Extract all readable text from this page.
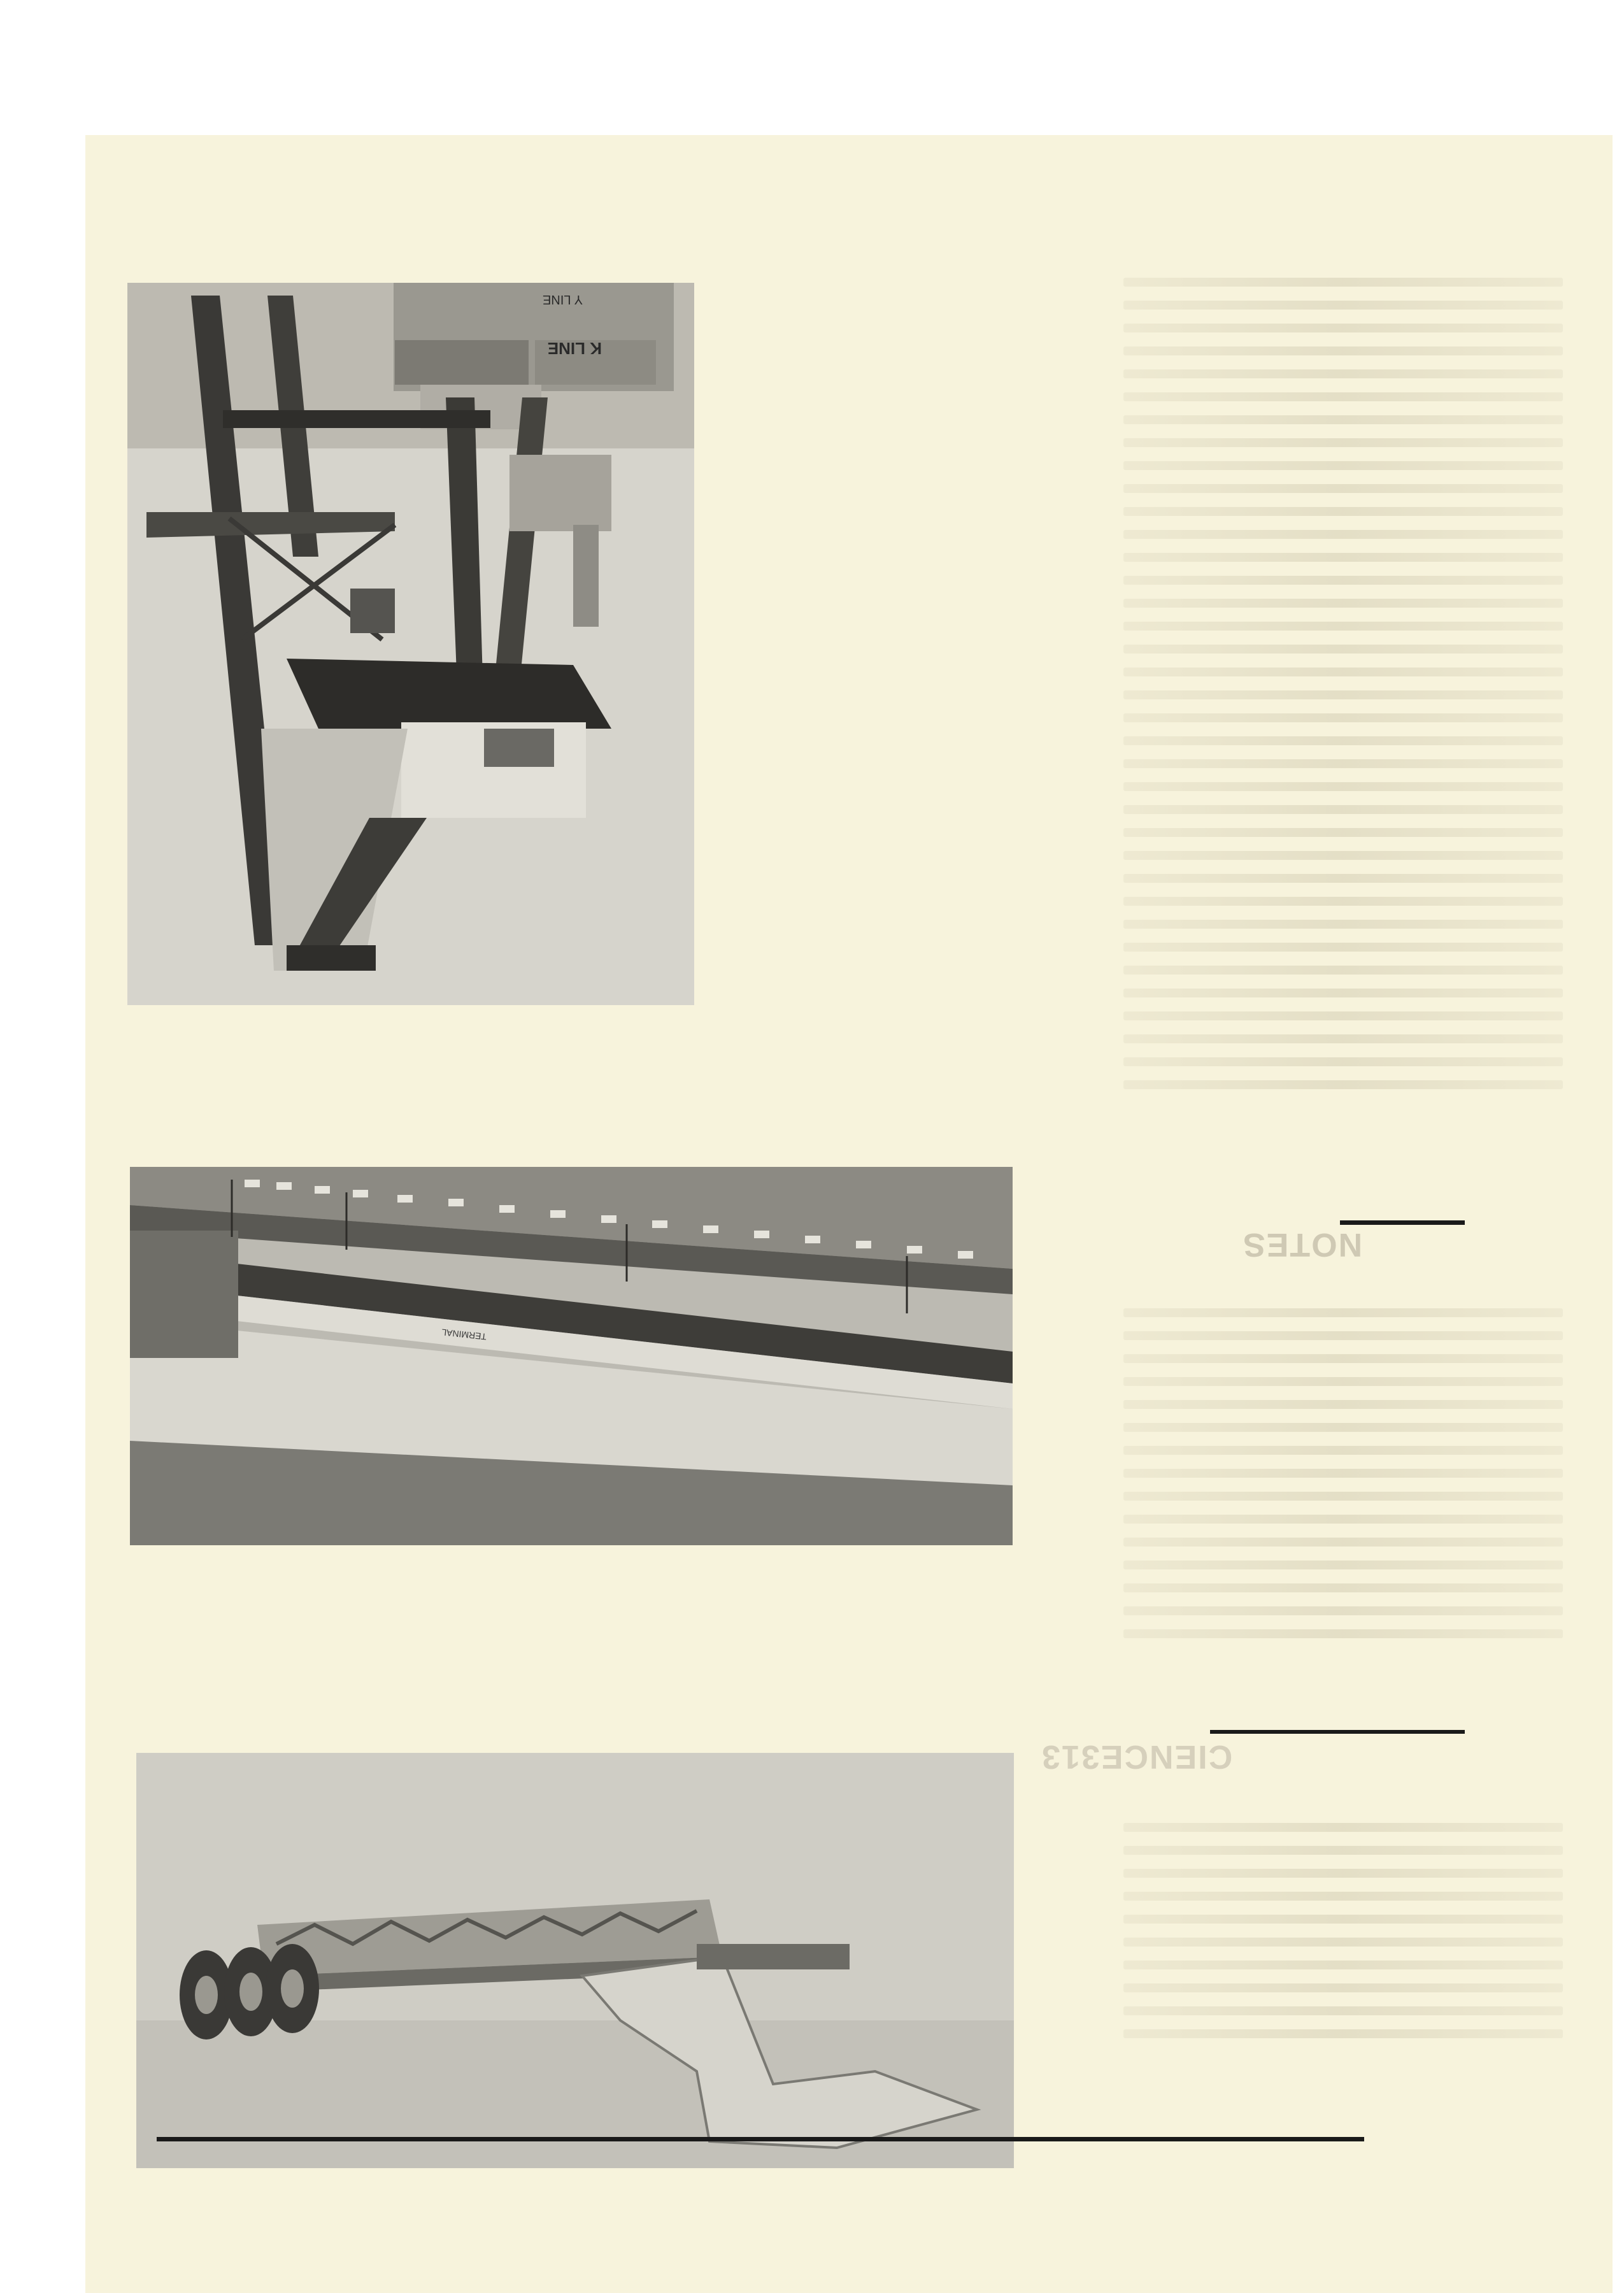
Y LINE
K LINE
TERMINAL
NOTES
CIENCE313
